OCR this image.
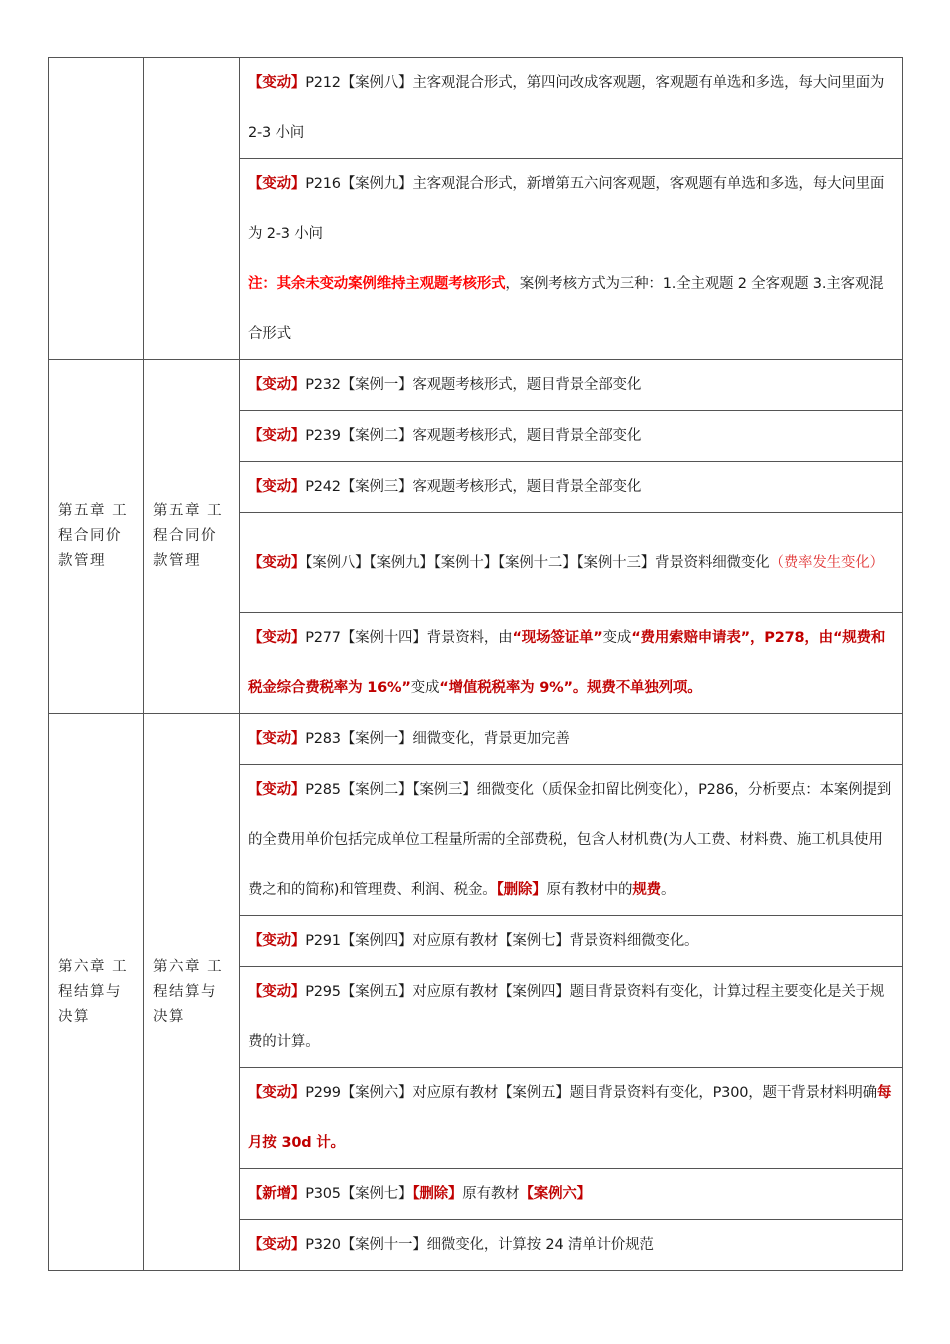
		【变动】P212【案例八】主客观混合形式，第四问改成客观题，客观题有单选和多选，每大问里面为 2-3 小问
		【变动】P216【案例九】主客观混合形式，新增第五六问客观题，客观题有单选和多选，每大问里面为 2-3 小问
注：其余未变动案例维持主观题考核形式，案例考核方式为三种：1.全主观题 2 全客观题 3.主客观混合形式
第五章 工程合同价款管理	第五章 工程合同价款管理	【变动】P232【案例一】客观题考核形式，题目背景全部变化
		【变动】P239【案例二】客观题考核形式，题目背景全部变化
		【变动】P242【案例三】客观题考核形式，题目背景全部变化
		【变动】【案例八】【案例九】【案例十】【案例十二】【案例十三】背景资料细微变化（费率发生变化）
		【变动】P277【案例十四】背景资料，由“现场签证单”变成“费用索赔申请表”，P278，由“规费和税金综合费税率为 16%”变成“增值税税率为 9%”。规费不单独列项。
第六章 工程结算与决算	第六章 工程结算与决算	【变动】P283【案例一】细微变化，背景更加完善
		【变动】P285【案例二】【案例三】细微变化（质保金扣留比例变化），P286，分析要点：本案例提到的全费用单价包括完成单位工程量所需的全部费税，包含人材机费(为人工费、材料费、施工机具使用费之和的简称)和管理费、利润、税金。【删除】原有教材中的规费。
		【变动】P291【案例四】对应原有教材【案例七】背景资料细微变化。
		【变动】P295【案例五】对应原有教材【案例四】题目背景资料有变化，计算过程主要变化是关于规费的计算。
		【变动】P299【案例六】对应原有教材【案例五】题目背景资料有变化，P300，题干背景材料明确每月按 30d 计。
		【新增】P305【案例七】【删除】原有教材【案例六】
		【变动】P320【案例十一】细微变化，计算按 24 清单计价规范
